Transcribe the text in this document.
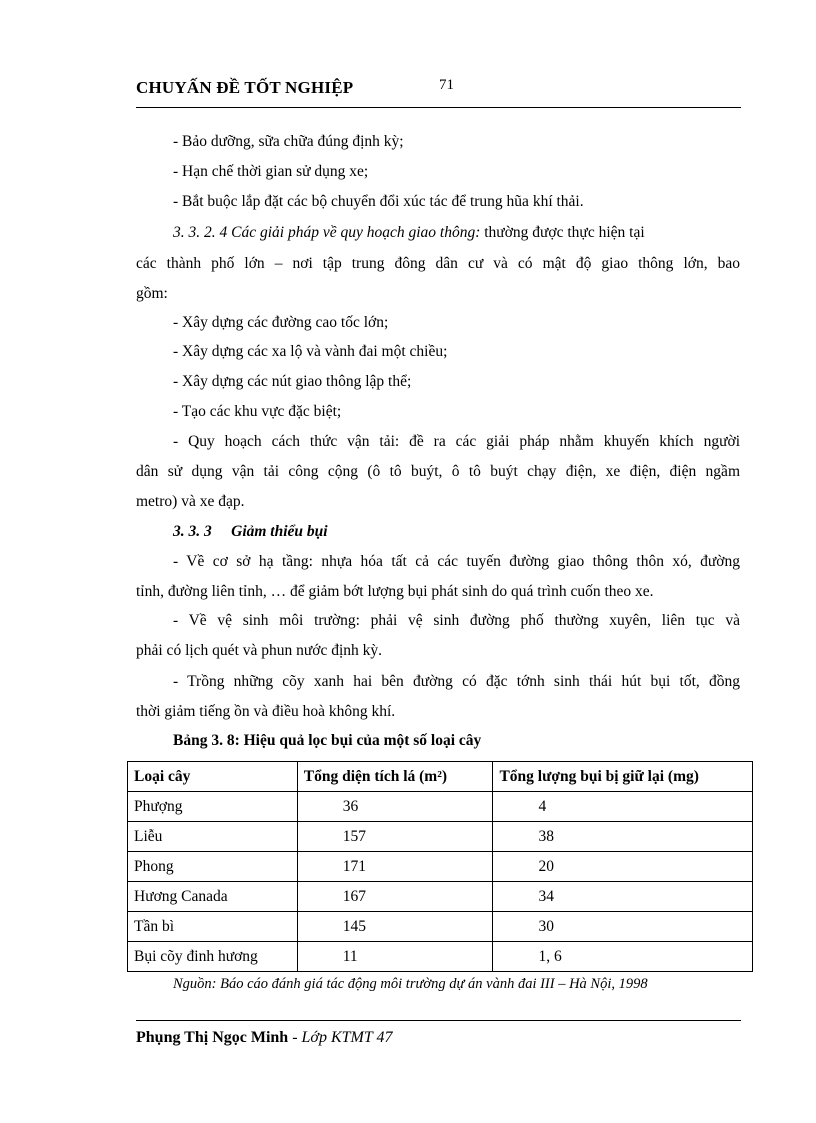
CHUYẤN ĐỀ TỐT NGHIỆP	71
- Bảo dưỡng, sữa chữa đúng định kỳ;
- Hạn chế thời gian sử dụng xe;
- Bắt buộc lắp đặt các bộ chuyển đổi xúc tác để trung hũa khí thải.
3. 3. 2. 4 Các giải pháp về quy hoạch giao thông: thường được thực hiện tại
các thành phố lớn – nơi tập trung đông dân cư và có mật độ giao thông lớn, bao
gồm:
- Xây dựng các đường cao tốc lớn;
- Xây dựng các xa lộ và vành đai một chiều;
- Xây dựng các nút giao thông lập thể;
- Tạo các khu vực đặc biệt;
- Quy hoạch cách thức vận tải: đề ra các giải pháp nhằm khuyến khích người
dân sử dụng vận tải công cộng (ô tô buýt, ô tô buýt chạy điện, xe điện, điện ngầm
metro) và xe đạp.
3. 3. 3     Giảm thiểu bụi
- Về cơ sở hạ tầng: nhựa hóa tất cả các tuyến đường giao thông thôn xó, đường
tỉnh, đường liên tỉnh, … để giảm bớt lượng bụi phát sinh do quá trình cuốn theo xe.
- Về vệ sinh môi trường: phải vệ sinh đường phố thường xuyên, liên tục và
phải có lịch quét và phun nước định kỳ.
- Trồng những cõy xanh hai bên đường có đặc tớnh sinh thái hút bụi tốt, đồng
thời giảm tiếng ồn và điều hoà không khí.
Bảng 3. 8: Hiệu quả lọc bụi của một số loại cây
Loại cây	Tổng diện tích lá (m²)	Tổng lượng bụi bị giữ lại (mg)
Phượng	36	4
Liễu	157	38
Phong	171	20
Hương Canada	167	34
Tần bì	145	30
Bụi cõy đinh hương	11	1, 6
Nguồn: Báo cáo đánh giá tác động môi trường dự án vành đai III – Hà Nội, 1998
Phụng Thị Ngọc Minh - Lớp KTMT 47
